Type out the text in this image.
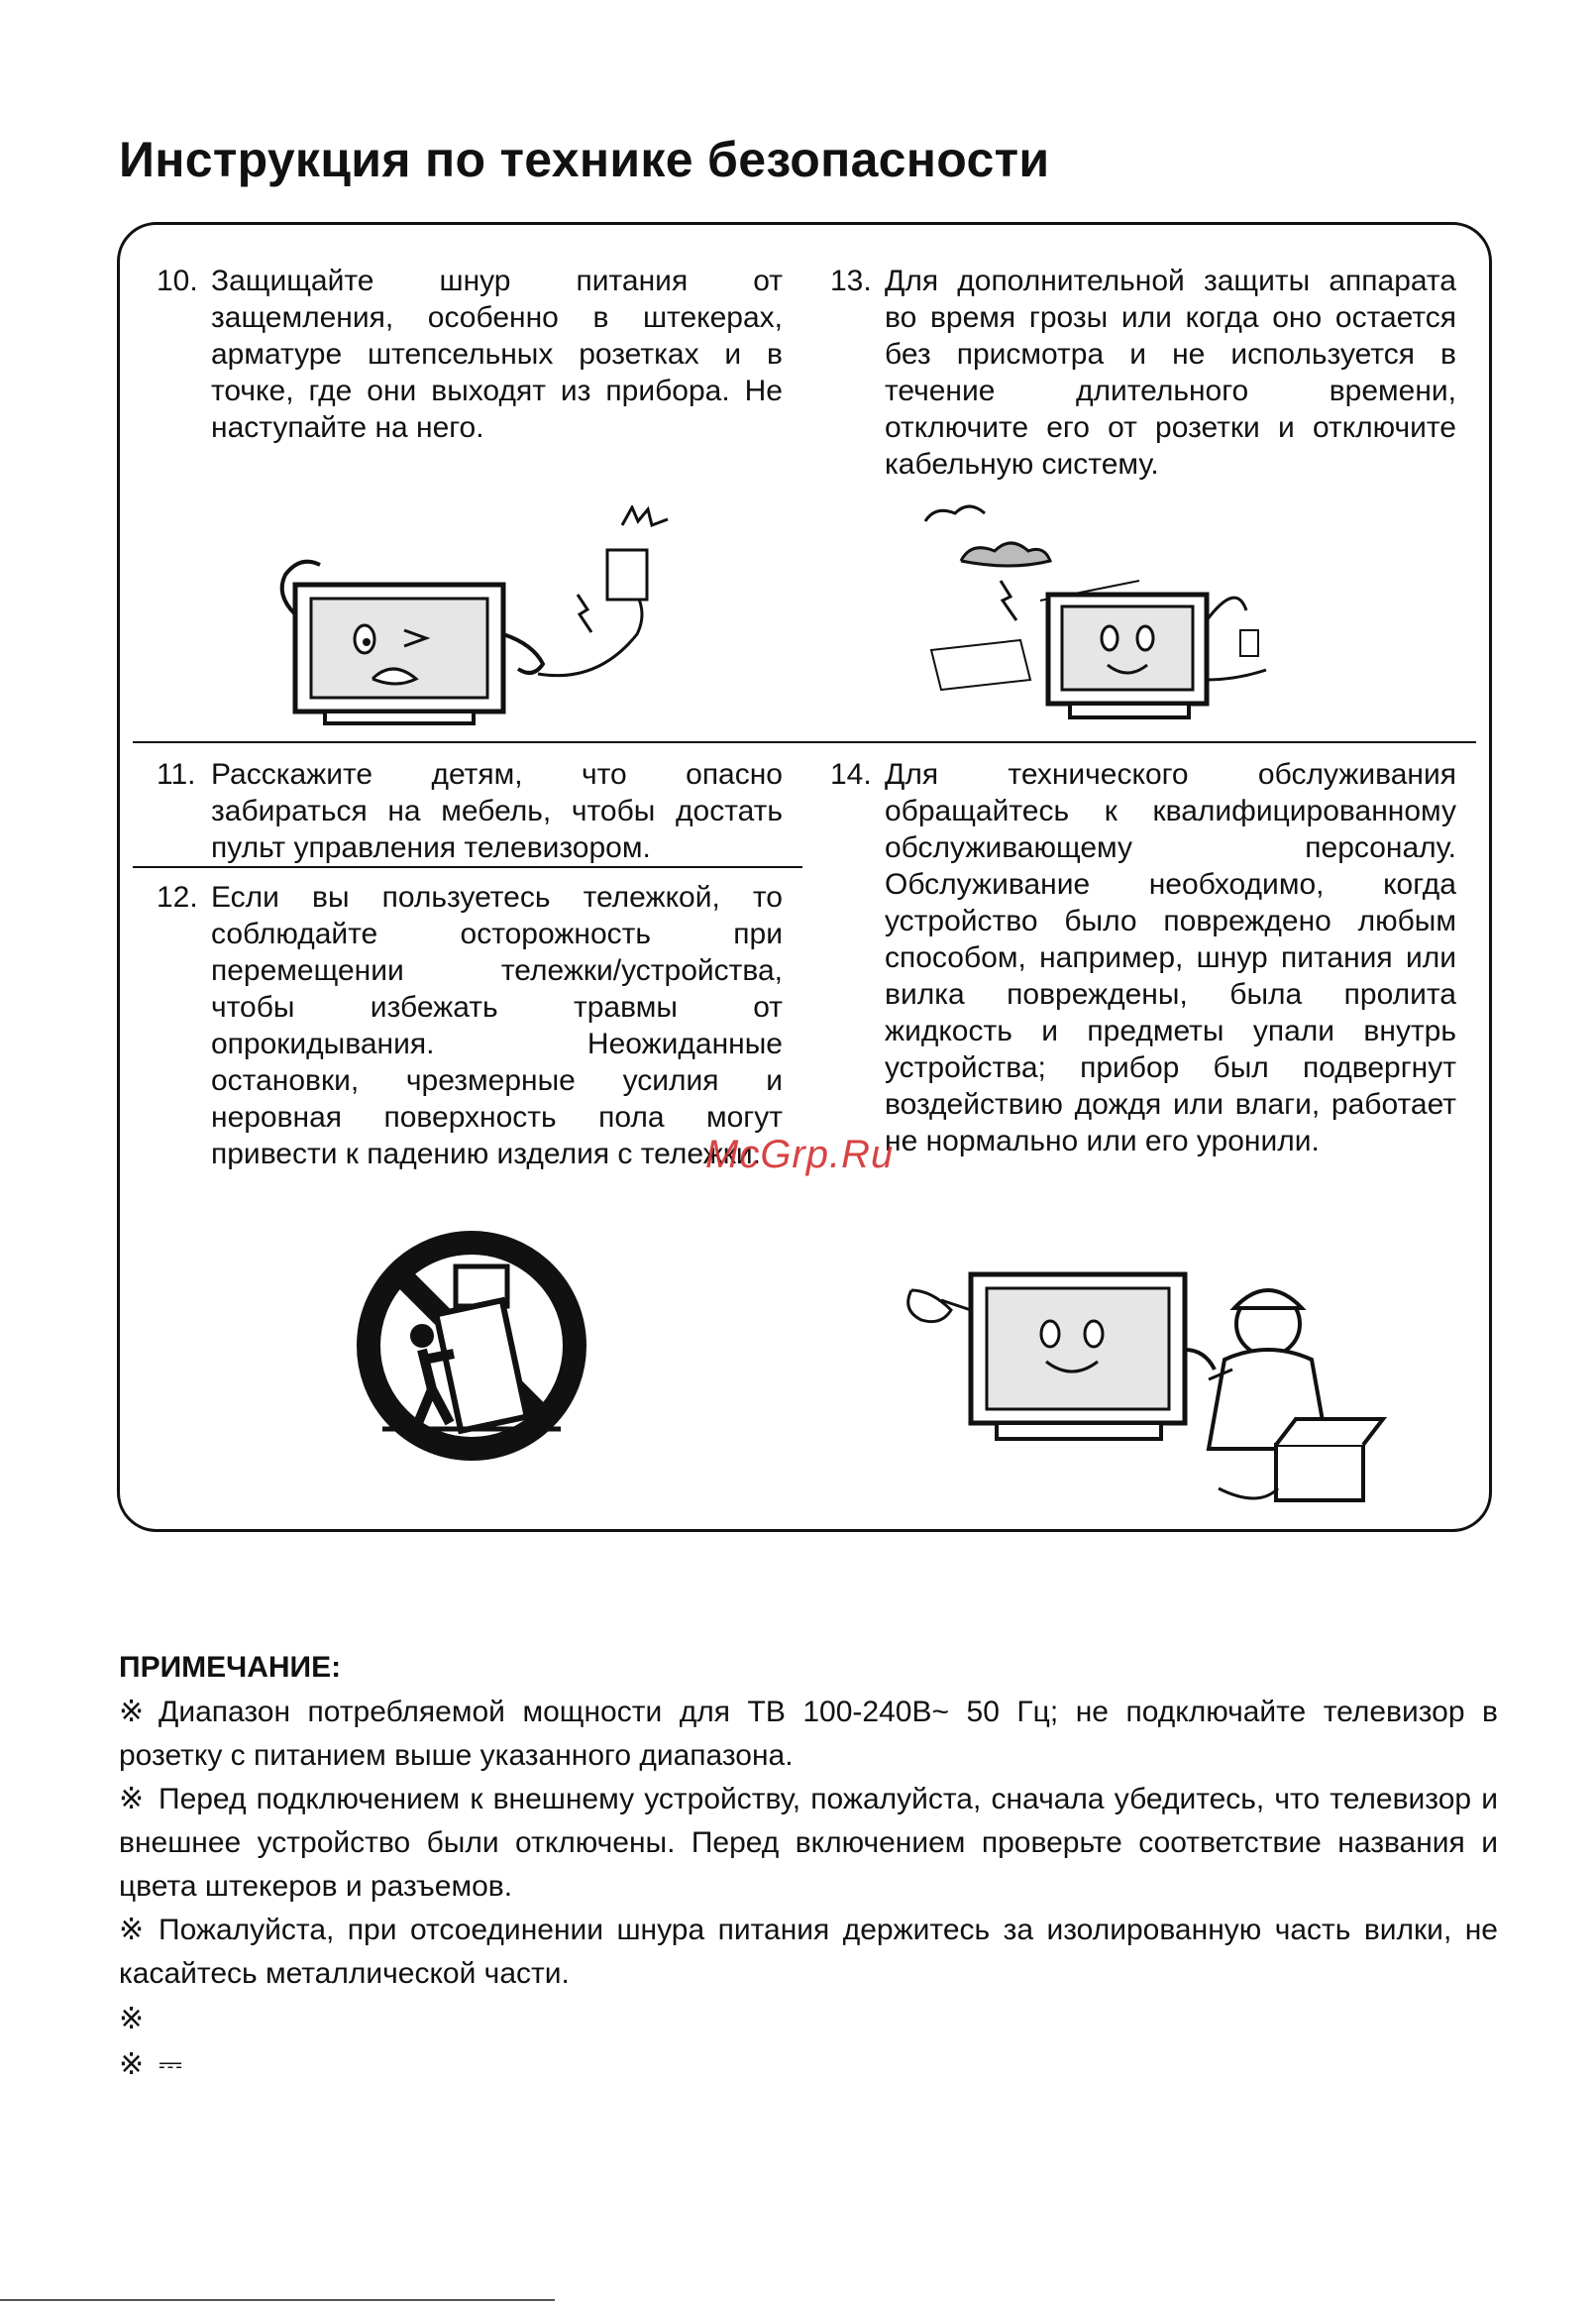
Инструкция по технике безопасности
10. Защищайте шнур питания от защемления, особенно в штекерах, арматуре штепсельных розетках и в точке, где они выходят из прибора. Не наступайте на него.
13. Для дополнительной защиты аппарата во время грозы или когда оно остается без присмотра и не используется в течение длительного времени, отключите его от розетки и отключите кабельную систему.
11. Расскажите детям, что опасно забираться на мебель, чтобы достать пульт управления телевизором.
14. Для технического обслуживания обращайтесь к квалифицированному обслуживающему персоналу. Обслуживание необходимо, когда устройство было повреждено любым способом, например, шнур питания или вилка повреждены, была пролита жидкость и предметы упали внутрь устройства; прибор был подвергнут воздействию дождя или влаги, работает не нормально или его уронили.
12. Если вы пользуетесь тележкой, то соблюдайте осторожность при перемещении тележки/устройства, чтобы избежать травмы от опрокидывания. Неожиданные остановки, чрезмерные усилия и неровная поверхность пола могут привести к падению изделия с тележки.
McGrp.Ru
ПРИМЕЧАНИЕ:
※ Диапазон потребляемой мощности для ТВ 100-240В~ 50 Гц; не подключайте телевизор в розетку с питанием выше указанного диапазона.
※ Перед подключением к внешнему устройству, пожалуйста, сначала убедитесь, что телевизор и внешнее устройство были отключены. Перед включением проверьте соответствие названия и цвета штекеров и разъемов.
※ Пожалуйста, при отсоединении шнура питания держитесь за изолированную часть вилки, не касайтесь металлической части.
※
※ ⎓
